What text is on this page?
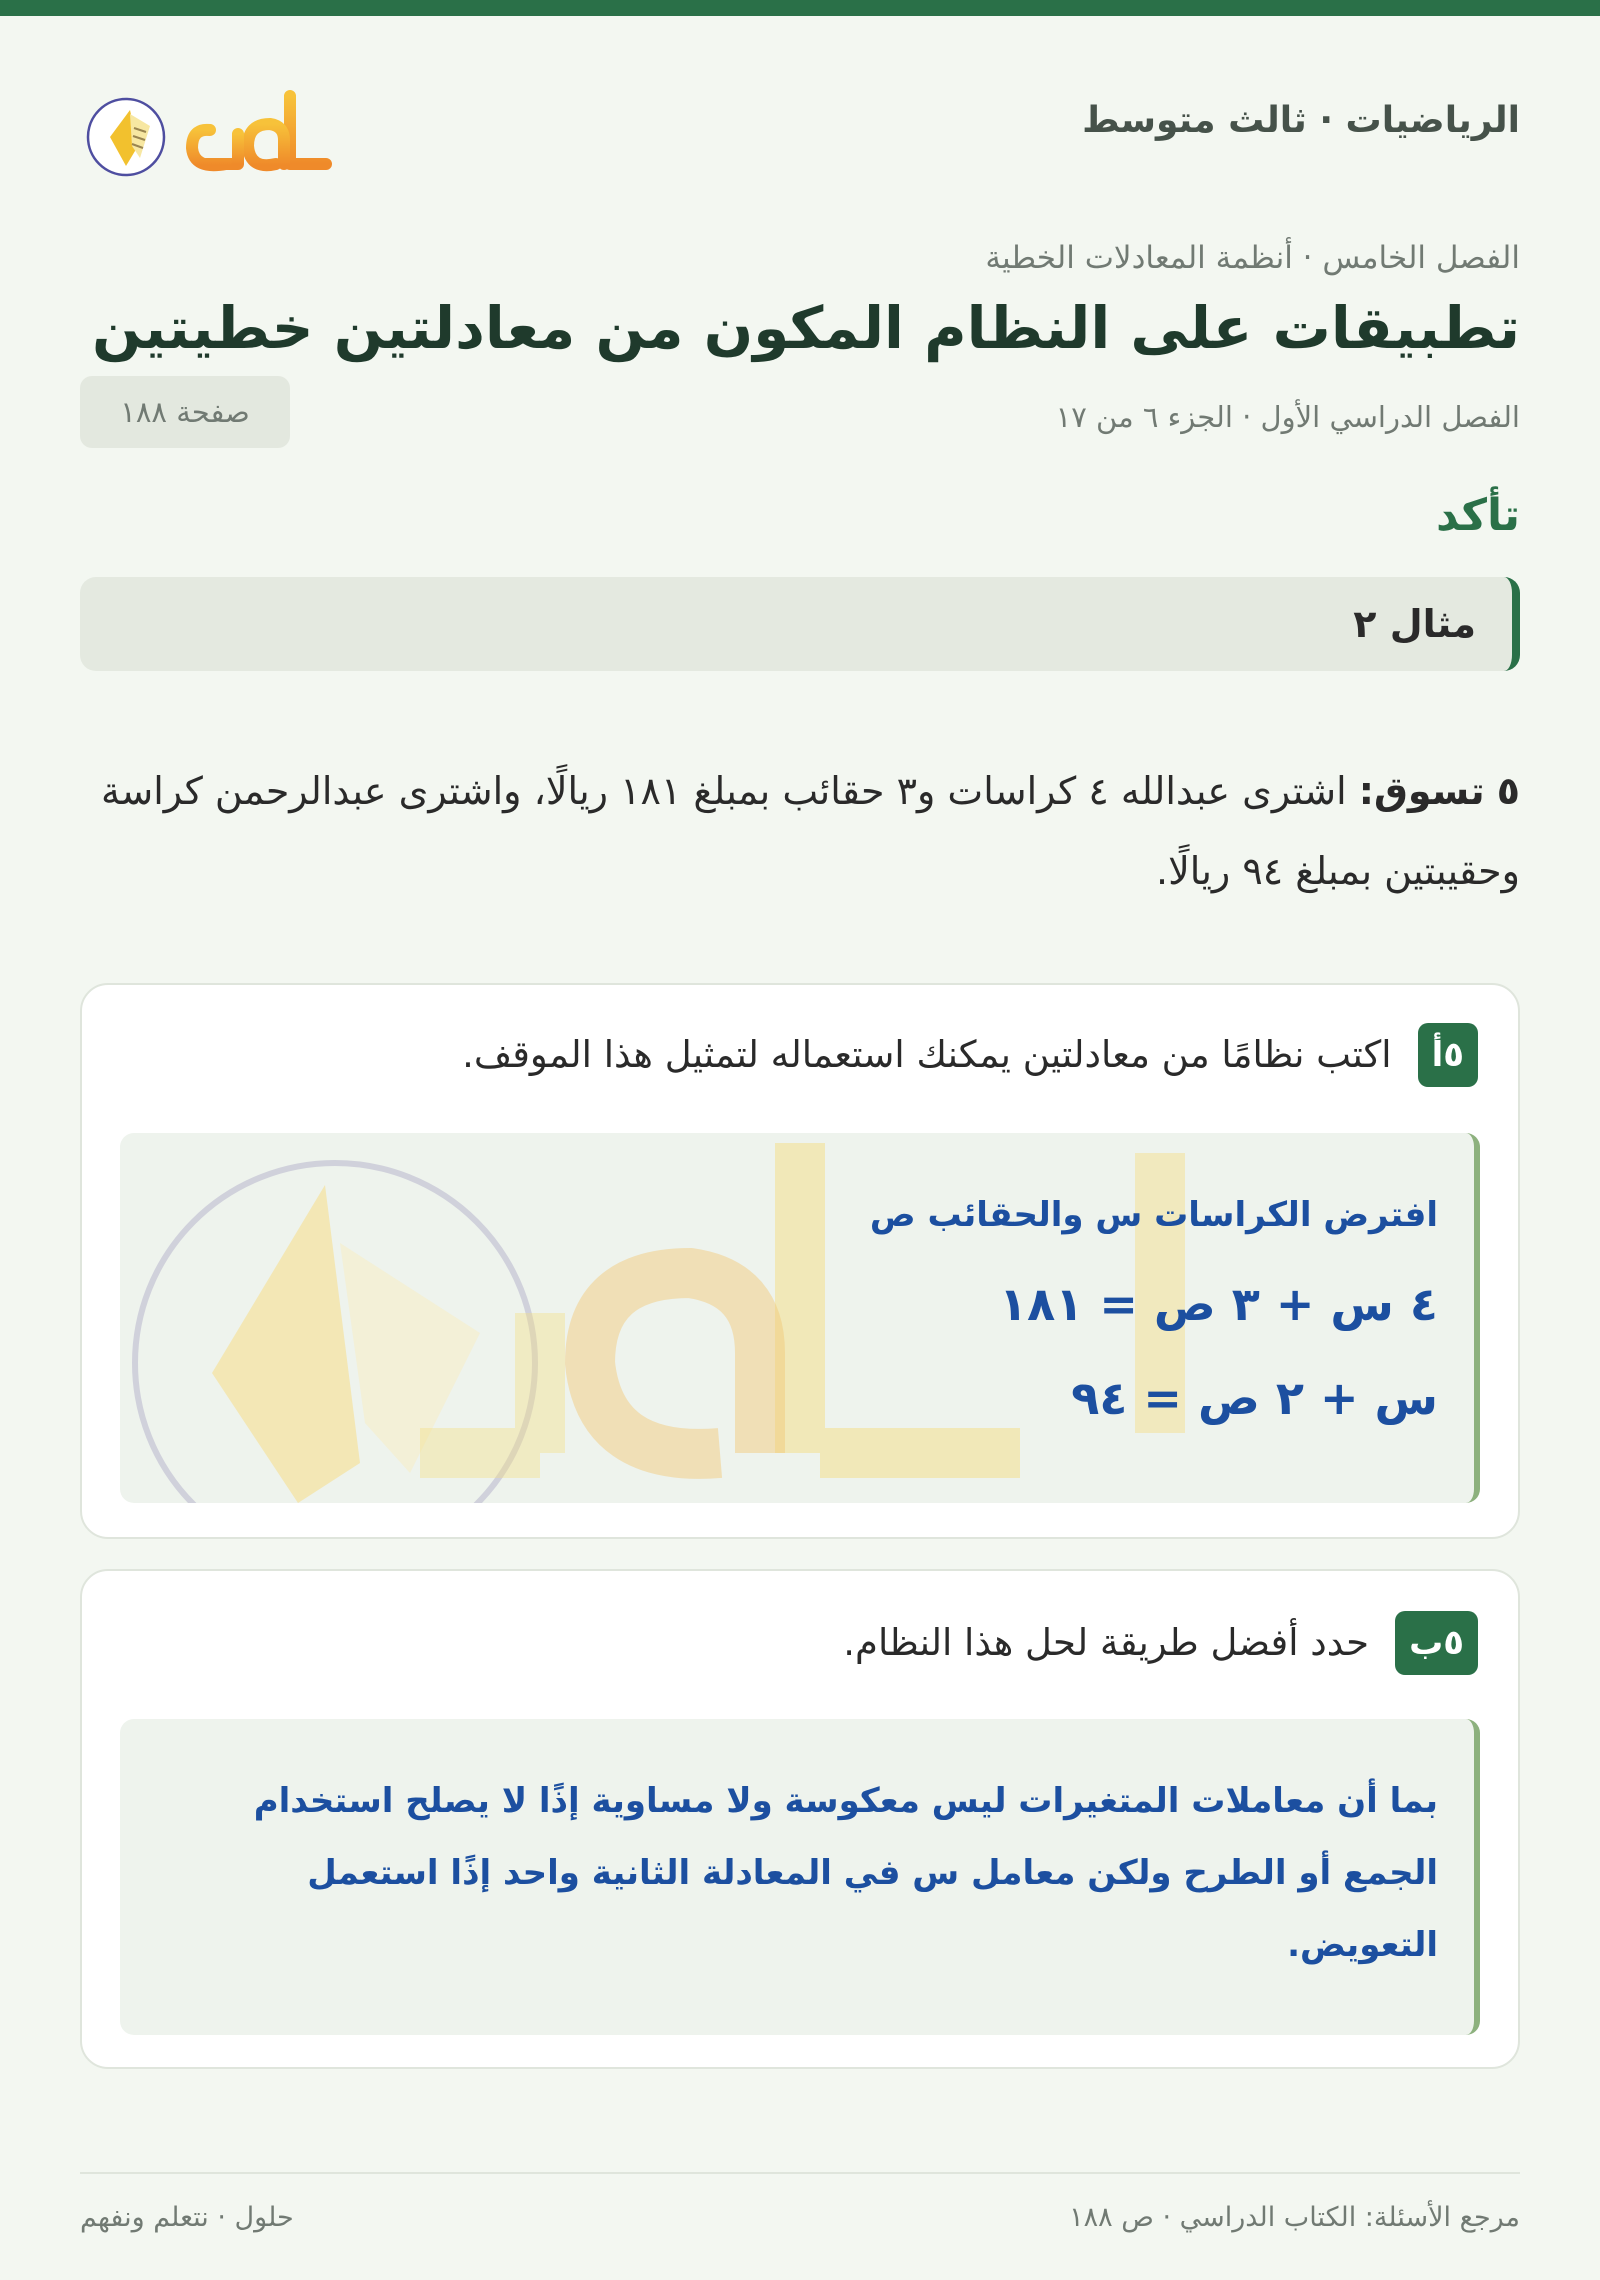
الرياضيات · ثالث متوسط
الفصل الخامس · أنظمة المعادلات الخطية
تطبيقات على النظام المكون من معادلتين خطيتين
الفصل الدراسي الأول · الجزء ٦ من ١٧
صفحة ١٨٨
تأكد
مثال ٢

٥ تسوق: اشترى عبدالله ٤ كراسات و٣ حقائب بمبلغ ١٨١ ريالًا، واشترى عبدالرحمن كراسة وحقيبتين بمبلغ ٩٤ ريالًا.

٥أ
اكتب نظامًا من معادلتين يمكنك استعماله لتمثيل هذا الموقف.
افترض الكراسات س والحقائب ص
٤ س + ٣ ص = ١٨١
س + ٢ ص = ٩٤
٥ب
حدد أفضل طريقة لحل هذا النظام.
بما أن معاملات المتغيرات ليس معكوسة ولا مساوية إذًا لا يصلح استخدام الجمع أو الطرح ولكن معامل س في المعادلة الثانية واحد إذًا استعمل التعويض.
مرجع الأسئلة: الكتاب الدراسي · ص ١٨٨
حلول · نتعلم ونفهم
